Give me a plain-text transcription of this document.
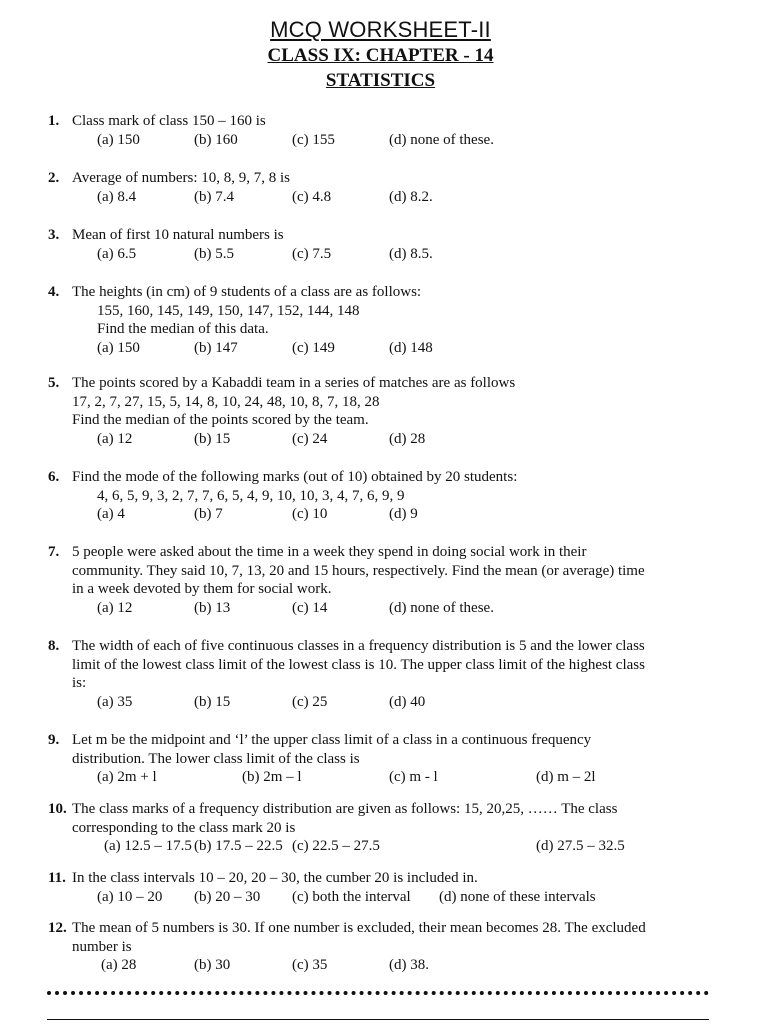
MCQ WORKSHEET-II
CLASS IX: CHAPTER - 14
STATISTICS
1. Class mark of class 150 – 160 is
(a) 150	(b) 160	(c) 155	(d) none of these.
2. Average of numbers: 10, 8, 9, 7, 8 is
(a) 8.4	(b) 7.4	(c) 4.8	(d) 8.2.
3. Mean of first 10 natural numbers is
(a) 6.5	(b) 5.5	(c) 7.5	(d) 8.5.
4. The heights (in cm) of 9 students of a class are as follows:
155, 160, 145, 149, 150, 147, 152, 144, 148
Find the median of this data.
(a) 150	(b) 147	(c) 149	(d) 148
5. The points scored by a Kabaddi team in a series of matches are as follows
17, 2, 7, 27, 15, 5, 14, 8, 10, 24, 48, 10, 8, 7, 18, 28
Find the median of the points scored by the team.
(a) 12	(b) 15	(c) 24	(d) 28
6. Find the mode of the following marks (out of 10) obtained by 20 students:
4, 6, 5, 9, 3, 2, 7, 7, 6, 5, 4, 9, 10, 10, 3, 4, 7, 6, 9, 9
(a) 4	(b) 7	(c) 10	(d) 9
7. 5 people were asked about the time in a week they spend in doing social work in their
community. They said 10, 7, 13, 20 and 15 hours, respectively. Find the mean (or average) time
in a week devoted by them for social work.
(a) 12	(b) 13	(c) 14	(d) none of these.
8. The width of each of five continuous classes in a frequency distribution is 5 and the lower class
limit of the lowest class limit of the lowest class is 10. The upper class limit of the highest class
is:
(a) 35	(b) 15	(c) 25	(d) 40
9. Let m be the midpoint and ‘l’ the upper class limit of a class in a continuous frequency
distribution. The lower class limit of the class is
(a) 2m + l	(b) 2m – l	(c) m - l	(d) m – 2l
10. The class marks of a frequency distribution are given as follows: 15, 20,25, …… The class
corresponding to the class mark 20 is
(a) 12.5 – 17.5 (b) 17.5 – 22.5 (c) 22.5 – 27.5	(d) 27.5 – 32.5
11. In the class intervals 10 – 20, 20 – 30, the cumber 20 is included in.
(a) 10 – 20 (b) 20 – 30 (c) both the interval (d) none of these intervals
12. The mean of 5 numbers is 30. If one number is excluded, their mean becomes 28. The excluded
number is
(a) 28	(b) 30	(c) 35	(d) 38.
